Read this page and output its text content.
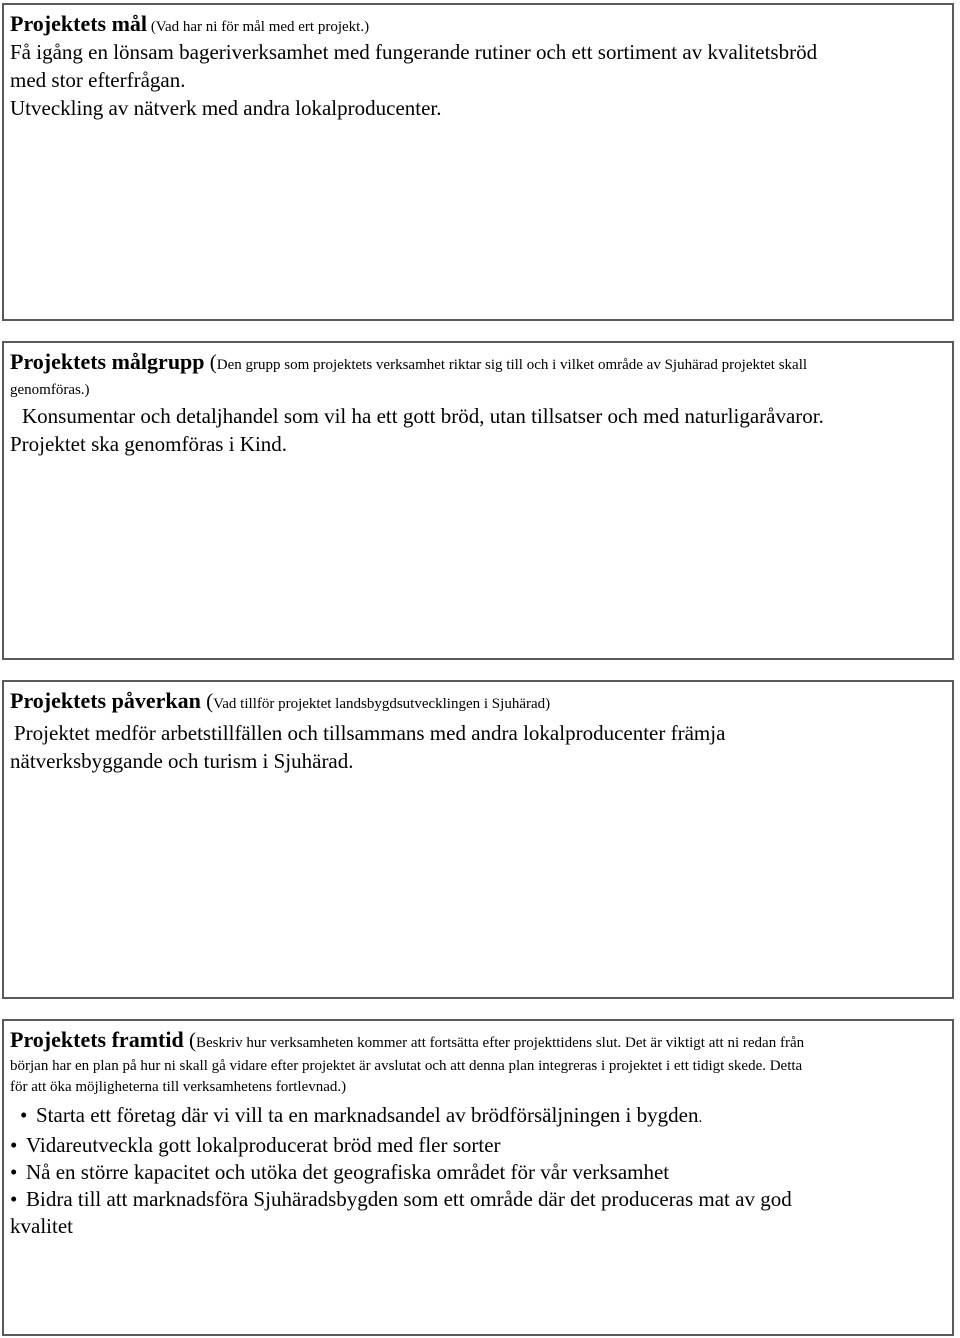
Projektets mål (Vad har ni för mål med ert projekt.)
Få igång en lönsam bageriverksamhet med fungerande rutiner och ett sortiment av kvalitetsbröd
med stor efterfrågan.
Utveckling av nätverk med andra lokalproducenter.
Projektets målgrupp (Den grupp som projektets verksamhet riktar sig till och i vilket område av Sjuhärad projektet skall
genomföras.)
Konsumentar och detaljhandel som vil ha ett gott bröd, utan tillsatser och med naturligaråvaror.
Projektet ska genomföras i Kind.
Projektets påverkan (Vad tillför projektet landsbygdsutvecklingen i Sjuhärad)
Projektet medför arbetstillfällen och tillsammans med andra lokalproducenter främja
nätverksbyggande och turism i Sjuhärad.
Projektets framtid (Beskriv hur verksamheten kommer att fortsätta efter projekttidens slut. Det är viktigt att ni redan från
början har en plan på hur ni skall gå vidare efter projektet är avslutat och att denna plan integreras i projektet i ett tidigt skede. Detta
för att öka möjligheterna till verksamhetens fortlevnad.)
• Starta ett företag där vi vill ta en marknadsandel av brödförsäljningen i bygden.
• Vidareutveckla gott lokalproducerat bröd med fler sorter
• Nå en större kapacitet och utöka det geografiska området för vår verksamhet
• Bidra till att marknadsföra Sjuhäradsbygden som ett område där det produceras mat av god
kvalitet
